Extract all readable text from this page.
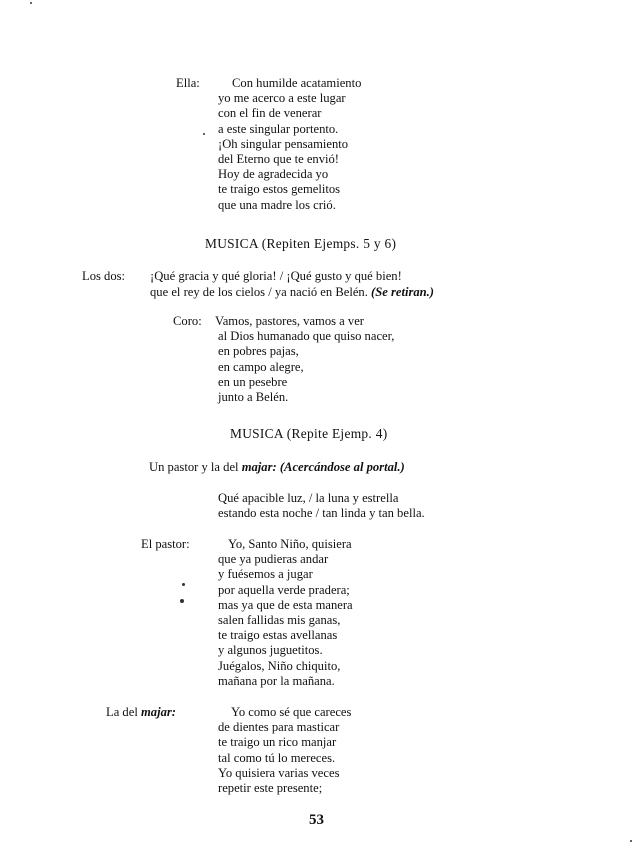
Ella:	Con humilde acatamiento
yo me acerco a este lugar
con el fin de venerar
a este singular portento.
¡Oh singular pensamiento
del Eterno que te envió!
Hoy de agradecida yo
te traigo estos gemelitos
que una madre los crió.
MUSICA (Repiten Ejemps. 5 y 6)
Los dos: ¡Qué gracia y qué gloria! / ¡Qué gusto y qué bien!
que el rey de los cielos / ya nació en Belén. (Se retiran.)
Coro: Vamos, pastores, vamos a ver
al Dios humanado que quiso nacer,
en pobres pajas,
en campo alegre,
en un pesebre
junto a Belén.
MUSICA (Repite Ejemp. 4)
Un pastor y la del majar: (Acercándose al portal.)
Qué apacible luz, / la luna y estrella
estando esta noche / tan linda y tan bella.
El pastor:	Yo, Santo Niño, quisiera
que ya pudieras andar
y fuésemos a jugar
por aquella verde pradera;
mas ya que de esta manera
salen fallidas mis ganas,
te traigo estas avellanas
y algunos juguetitos.
Juégalos, Niño chiquito,
mañana por la mañana.
La del majar:	Yo como sé que careces
de dientes para masticar
te traigo un rico manjar
tal como tú lo mereces.
Yo quisiera varias veces
repetir este presente;
53
